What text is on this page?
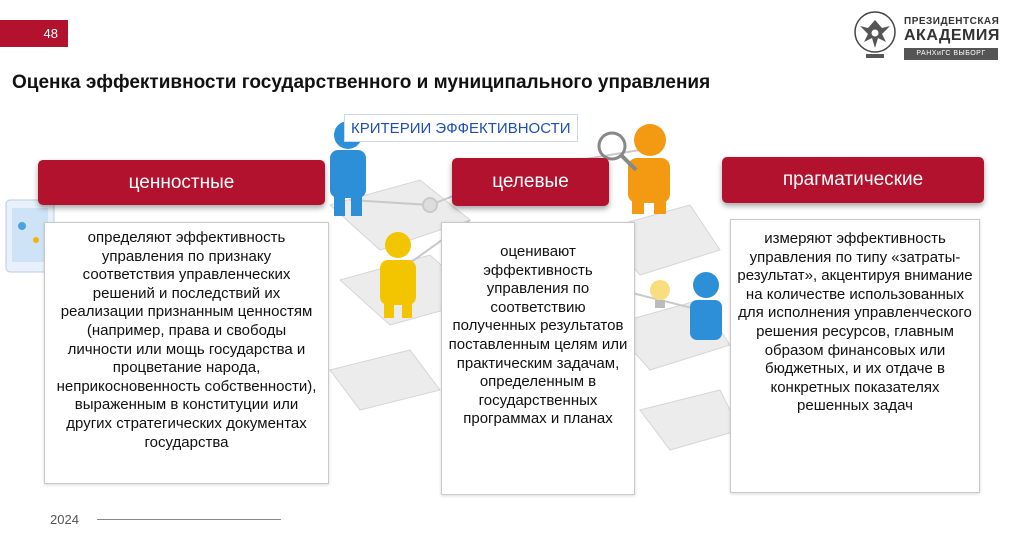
48
ПРЕЗИДЕНТСКАЯ
АКАДЕМИЯ
РАНХиГС ВЫБОРГ
Оценка эффективности государственного и муниципального управления
КРИТЕРИИ ЭФФЕКТИВНОСТИ
ценностные	целевые	прагматические
определяют эффективность управления по признаку соответствия управленческих решений и последствий их реализации признанным ценностям (например, права и свободы личности или мощь государства и процветание народа, неприкосновенность собственности), выраженным в конституции или других стратегических документах государства
оценивают эффективность управления по соответствию полученных результатов поставленным целям или практическим задачам, определенным в государственных программах и планах
измеряют эффективность управления по типу «затраты-результат», акцентируя внимание на количестве использованных для исполнения управленческого решения ресурсов, главным образом финансовых или бюджетных, и их отдаче в конкретных показателях решенных задач
2024
